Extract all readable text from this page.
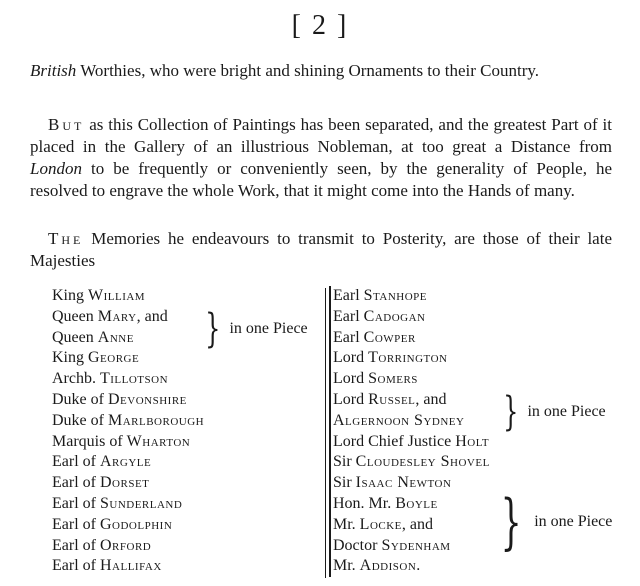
[ 2 ]

British Worthies, who were bright and shining Ornaments to their Country.

But as this Collection of Paintings has been separated, and the greatest Part of it placed in the Gallery of an illustrious Nobleman, at too great a Distance from London to be frequently or conveniently seen, by the generality of People, he resolved to engrave the whole Work, that it might come into the Hands of many.

The Memories he endeavours to transmit to Posterity, are those of their late Majesties

King William
Queen Mary, and
Queen Anne
King George
Archb. Tillotson
Duke of Devonshire
Duke of Marlborough
Marquis of Wharton
Earl of Argyle
Earl of Dorset
Earl of Sunderland
Earl of Godolphin
Earl of Orford
Earl of Hallifax
Earl Stanhope
Earl Cadogan
Earl Cowper
Lord Torrington
Lord Somers
Lord Russel, and
Algernoon Sydney
Lord Chief Justice Holt
Sir Cloudesley Shovel
Sir Isaac Newton
Hon. Mr. Boyle
Mr. Locke, and
Doctor Sydenham
Mr. Addison.
} in one Piece
} in one Piece
} in one Piece
